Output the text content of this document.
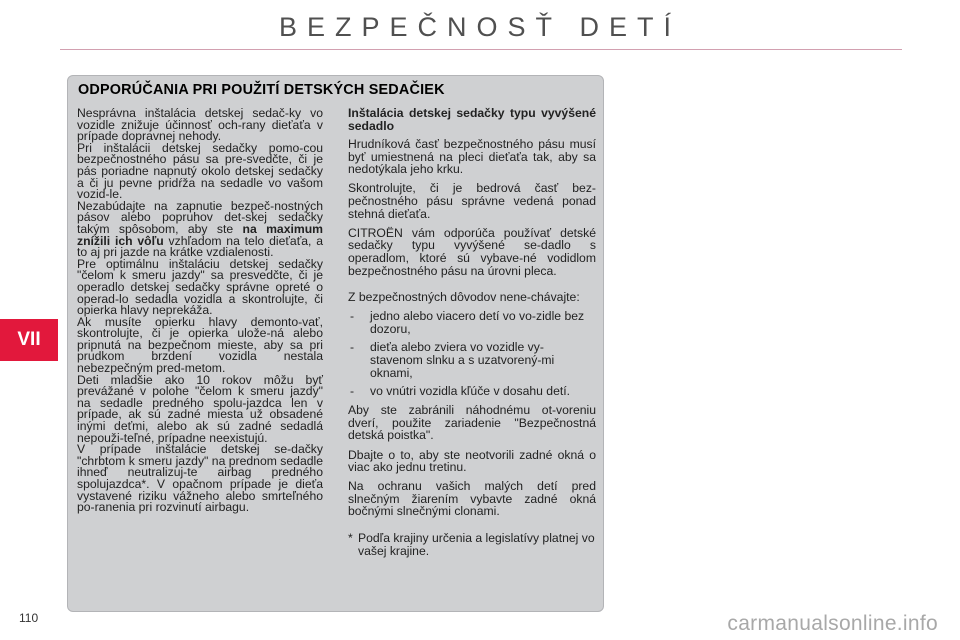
BEZPEČNOSŤ DETÍ
VII
ODPORÚČANIA PRI POUŽITÍ DETSKÝCH SEDAČIEK

Nesprávna inštalácia detskej sedač-ky vo vozidle znižuje účinnosť och-rany dieťaťa v prípade dopravnej nehody.

Pri inštalácii detskej sedačky pomo-cou bezpečnostného pásu sa pre-svedčte, či je pás poriadne napnutý okolo detskej sedačky a či ju pevne pridŕža na sedadle vo vašom vozid-le.

Nezabúdajte na zapnutie bezpeč-nostných pásov alebo popruhov det-skej sedačky takým spôsobom, aby ste na maximum znížili ich vôľu vzhľadom na telo dieťaťa, a to aj pri jazde na krátke vzdialenosti.

Pre optimálnu inštaláciu detskej sedačky "čelom k smeru jazdy" sa presvedčte, či je operadlo detskej sedačky správne opreté o operad-lo sedadla vozidla a skontrolujte, či opierka hlavy neprekáža.

Ak musíte opierku hlavy demonto-vať, skontrolujte, či je opierka ulože-ná alebo pripnutá na bezpečnom mieste, aby sa pri prudkom brzdení vozidla nestala nebezpečným pred-metom.

Deti mladšie ako 10 rokov môžu byť prevážané v polohe "čelom k smeru jazdy" na sedadle predného spolu-jazdca len v prípade, ak sú zadné miesta už obsadené inými deťmi, alebo ak sú zadné sedadlá nepouži-teľné, prípadne neexistujú.

V prípade inštalácie detskej se-dačky "chrbtom k smeru jazdy" na prednom sedadle ihneď neutralizuj-te airbag predného spolujazdca*. V opačnom prípade je dieťa vystavené riziku vážneho alebo smrteľného po-ranenia pri rozvinutí airbagu.

Inštalácia detskej sedačky typu vyvýšené sedadlo

Hrudníková časť bezpečnostného pásu musí byť umiestnená na pleci dieťaťa tak, aby sa nedotýkala jeho krku.

Skontrolujte, či je bedrová časť bez-pečnostného pásu správne vedená ponad stehná dieťaťa.

CITROËN vám odporúča používať detské sedačky typu vyvýšené se-dadlo s operadlom, ktoré sú vybave-né vodidlom bezpečnostného pásu na úrovni pleca.

Z bezpečnostných dôvodov nene-chávajte:

- jedno alebo viacero detí vo vo-zidle bez dozoru,
- dieťa alebo zviera vo vozidle vy-stavenom slnku a s uzatvorený-mi oknami,
- vo vnútri vozidla kľúče v dosahu detí.

Aby ste zabránili náhodnému ot-voreniu dverí, použite zariadenie "Bezpečnostná detská poistka".

Dbajte o to, aby ste neotvorili zadné okná o viac ako jednu tretinu.

Na ochranu vašich malých detí pred slnečným žiarením vybavte zadné okná bočnými slnečnými clonami.

* Podľa krajiny určenia a legislatívy platnej vo vašej krajine.

110	carmanualsonline.info
